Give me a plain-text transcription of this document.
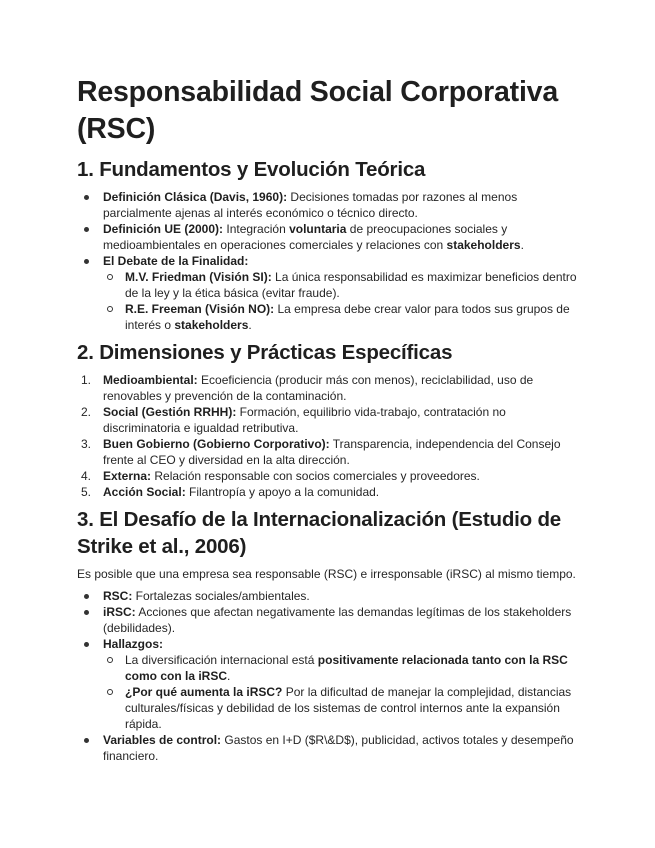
Responsabilidad Social Corporativa (RSC)
1. Fundamentos y Evolución Teórica
Definición Clásica (Davis, 1960): Decisiones tomadas por razones al menos parcialmente ajenas al interés económico o técnico directo.
Definición UE (2000): Integración voluntaria de preocupaciones sociales y medioambientales en operaciones comerciales y relaciones con stakeholders.
El Debate de la Finalidad:
M.V. Friedman (Visión SI): La única responsabilidad es maximizar beneficios dentro de la ley y la ética básica (evitar fraude).
R.E. Freeman (Visión NO): La empresa debe crear valor para todos sus grupos de interés o stakeholders.
2. Dimensiones y Prácticas Específicas
1. Medioambiental: Ecoeficiencia (producir más con menos), reciclabilidad, uso de renovables y prevención de la contaminación.
2. Social (Gestión RRHH): Formación, equilibrio vida-trabajo, contratación no discriminatoria e igualdad retributiva.
3. Buen Gobierno (Gobierno Corporativo): Transparencia, independencia del Consejo frente al CEO y diversidad en la alta dirección.
4. Externa: Relación responsable con socios comerciales y proveedores.
5. Acción Social: Filantropía y apoyo a la comunidad.
3. El Desafío de la Internacionalización (Estudio de Strike et al., 2006)

Es posible que una empresa sea responsable (RSC) e irresponsable (iRSC) al mismo tiempo.

RSC: Fortalezas sociales/ambientales.
iRSC: Acciones que afectan negativamente las demandas legítimas de los stakeholders (debilidades).
Hallazgos:
La diversificación internacional está positivamente relacionada tanto con la RSC como con la iRSC.
¿Por qué aumenta la iRSC? Por la dificultad de manejar la complejidad, distancias culturales/físicas y debilidad de los sistemas de control internos ante la expansión rápida.
Variables de control: Gastos en I+D ($R\&D$), publicidad, activos totales y desempeño financiero.
